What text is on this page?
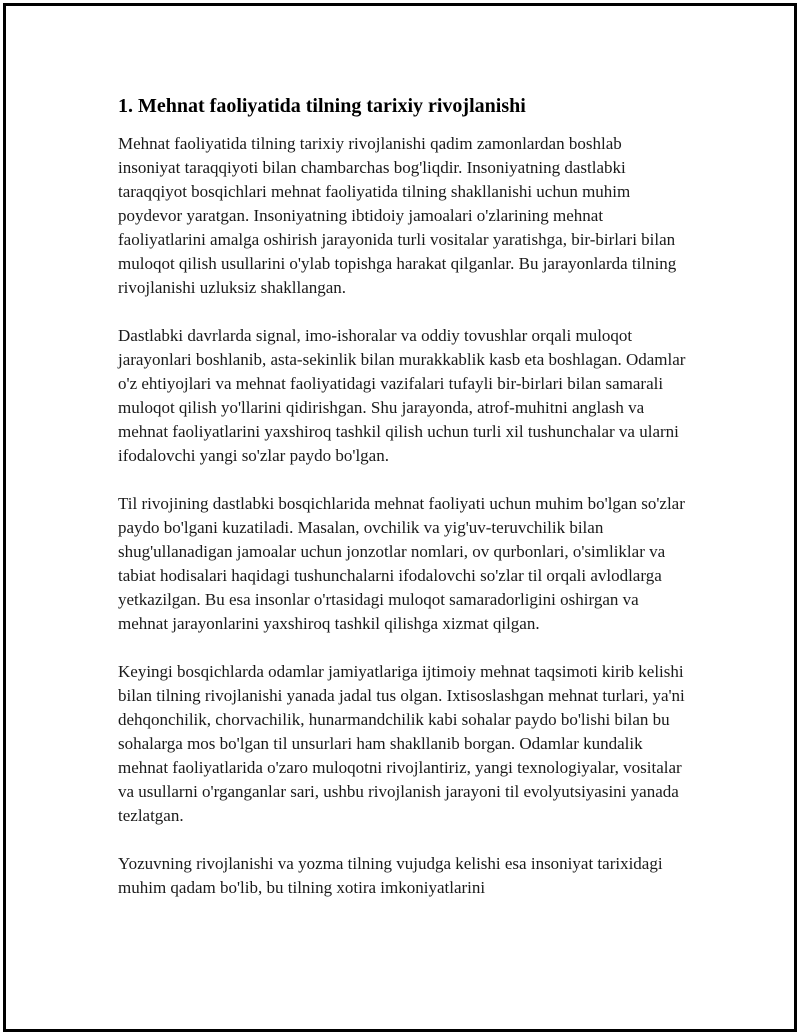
1. Mehnat faoliyatida tilning tarixiy rivojlanishi

Mehnat faoliyatida tilning tarixiy rivojlanishi qadim zamonlardan boshlab insoniyat taraqqiyoti bilan chambarchas bog'liqdir. Insoniyatning dastlabki taraqqiyot bosqichlari mehnat faoliyatida tilning shakllanishi uchun muhim poydevor yaratgan. Insoniyatning ibtidoiy jamoalari o'zlarining mehnat faoliyatlarini amalga oshirish jarayonida turli vositalar yaratishga, bir-birlari bilan muloqot qilish usullarini o'ylab topishga harakat qilganlar. Bu jarayonlarda tilning rivojlanishi uzluksiz shakllangan.

Dastlabki davrlarda signal, imo-ishoralar va oddiy tovushlar orqali muloqot jarayonlari boshlanib, asta-sekinlik bilan murakkablik kasb eta boshlagan. Odamlar o'z ehtiyojlari va mehnat faoliyatidagi vazifalari tufayli bir-birlari bilan samarali muloqot qilish yo'llarini qidirishgan. Shu jarayonda, atrof-muhitni anglash va mehnat faoliyatlarini yaxshiroq tashkil qilish uchun turli xil tushunchalar va ularni ifodalovchi yangi so'zlar paydo bo'lgan.

Til rivojining dastlabki bosqichlarida mehnat faoliyati uchun muhim bo'lgan so'zlar paydo bo'lgani kuzatiladi. Masalan, ovchilik va yig'uv-teruvchilik bilan shug'ullanadigan jamoalar uchun jonzotlar nomlari, ov qurbonlari, o'simliklar va tabiat hodisalari haqidagi tushunchalarni ifodalovchi so'zlar til orqali avlodlarga yetkazilgan. Bu esa insonlar o'rtasidagi muloqot samaradorligini oshirgan va mehnat jarayonlarini yaxshiroq tashkil qilishga xizmat qilgan.

Keyingi bosqichlarda odamlar jamiyatlariga ijtimoiy mehnat taqsimoti kirib kelishi bilan tilning rivojlanishi yanada jadal tus olgan. Ixtisoslashgan mehnat turlari, ya'ni dehqonchilik, chorvachilik, hunarmandchilik kabi sohalar paydo bo'lishi bilan bu sohalarga mos bo'lgan til unsurlari ham shakllanib borgan. Odamlar kundalik mehnat faoliyatlarida o'zaro muloqotni rivojlantiriz, yangi texnologiyalar, vositalar va usullarni o'rganganlar sari, ushbu rivojlanish jarayoni til evolyutsiyasini yanada tezlatgan.

Yozuvning rivojlanishi va yozma tilning vujudga kelishi esa insoniyat tarixidagi muhim qadam bo'lib, bu tilning xotira imkoniyatlarini
